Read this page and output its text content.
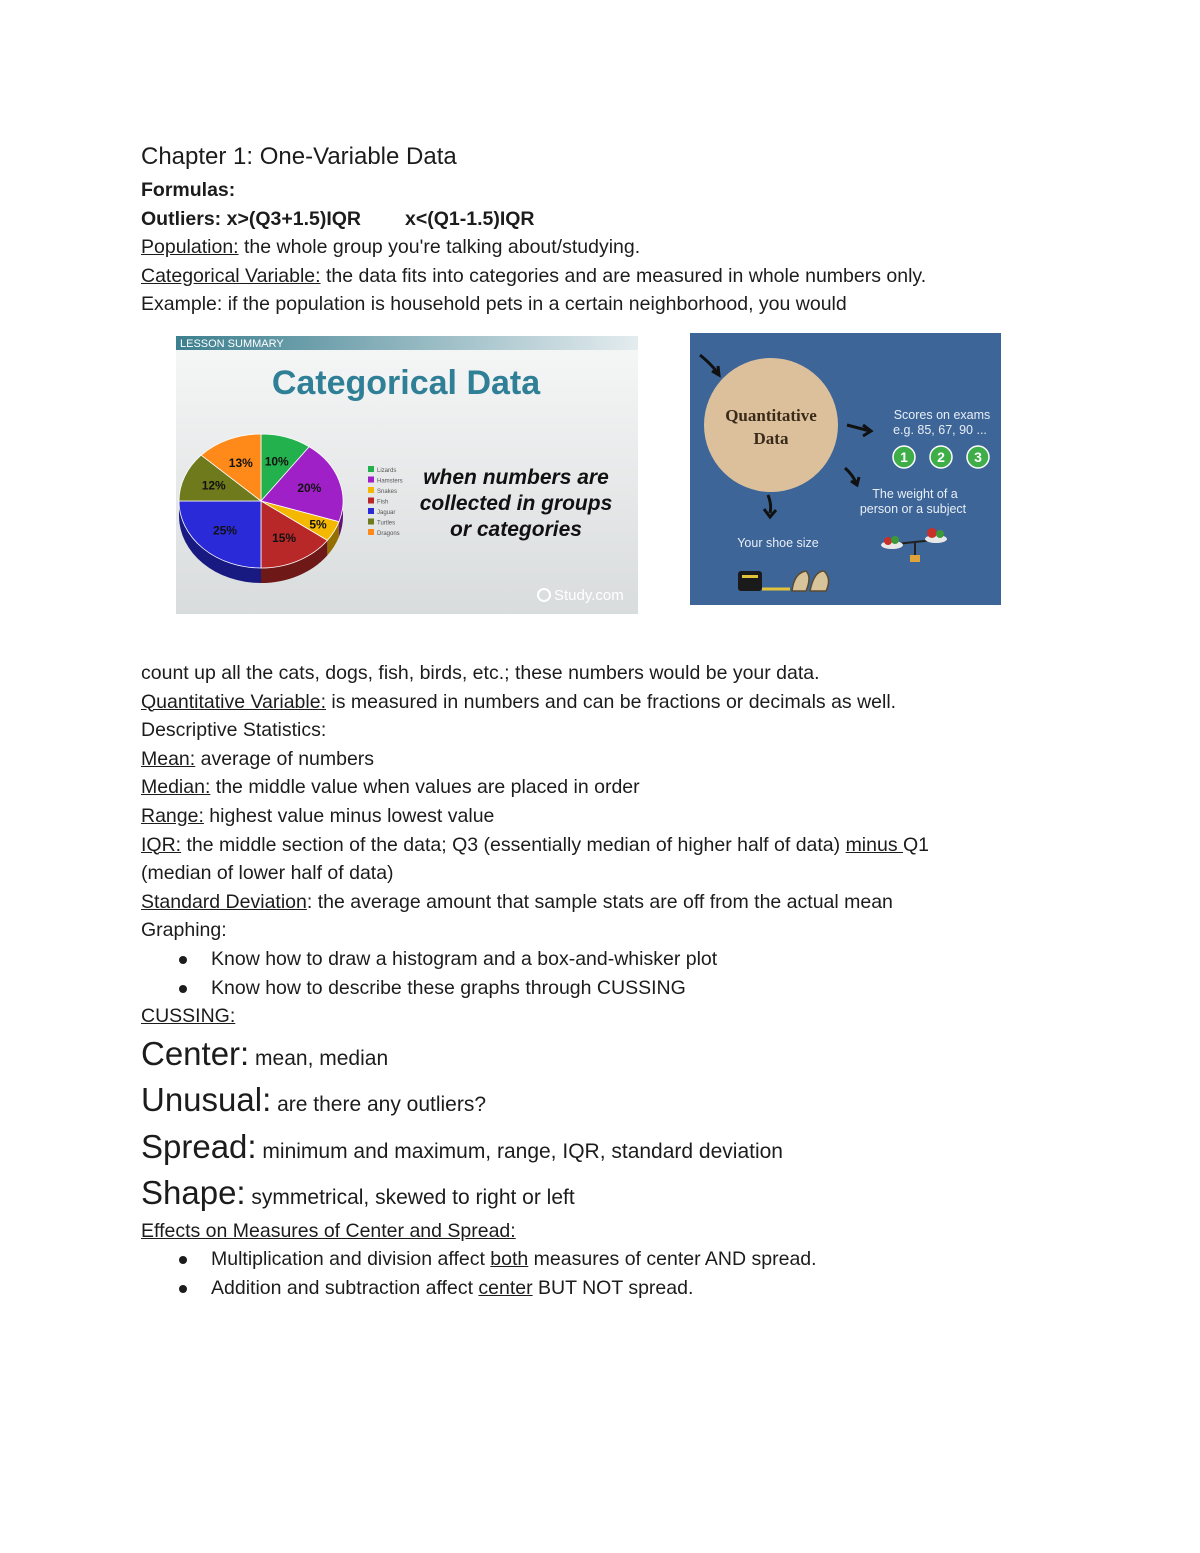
Chapter 1: One-Variable Data

Formulas:

Outliers: x>(Q3+1.5)IQR x<(Q1-1.5)IQR

Population: the whole group you're talking about/studying.

Categorical Variable: the data fits into categories and are measured in whole numbers only.

Example: if the population is household pets in a certain neighborhood, you would

LESSON SUMMARY
Categorical Data
10%
20%
5%
15%
25%
12%
13%
Lizards
Hamsters
Snakes
Fish
Jaguar
Turtles
Dragons
when numbers are
collected in groups
or categories
Study.com
Quantitative
Data
Scores on exams
e.g. 85, 67, 90 ...
1 2 3
The weight of a
person or a subject
Your shoe size

count up all the cats, dogs, fish, birds, etc.; these numbers would be your data.

Quantitative Variable: is measured in numbers and can be fractions or decimals as well.

Descriptive Statistics:

Mean: average of numbers

Median: the middle value when values are placed in order

Range: highest value minus lowest value

IQR: the middle section of the data; Q3 (essentially median of higher half of data) minus Q1

(median of lower half of data)

Standard Deviation: the average amount that sample stats are off from the actual mean

Graphing:

Know how to draw a histogram and a box-and-whisker plot
Know how to describe these graphs through CUSSING

CUSSING:

Center: mean, median

Unusual: are there any outliers?

Spread: minimum and maximum, range, IQR, standard deviation

Shape: symmetrical, skewed to right or left

Effects on Measures of Center and Spread:

Multiplication and division affect both measures of center AND spread.
Addition and subtraction affect center BUT NOT spread.
